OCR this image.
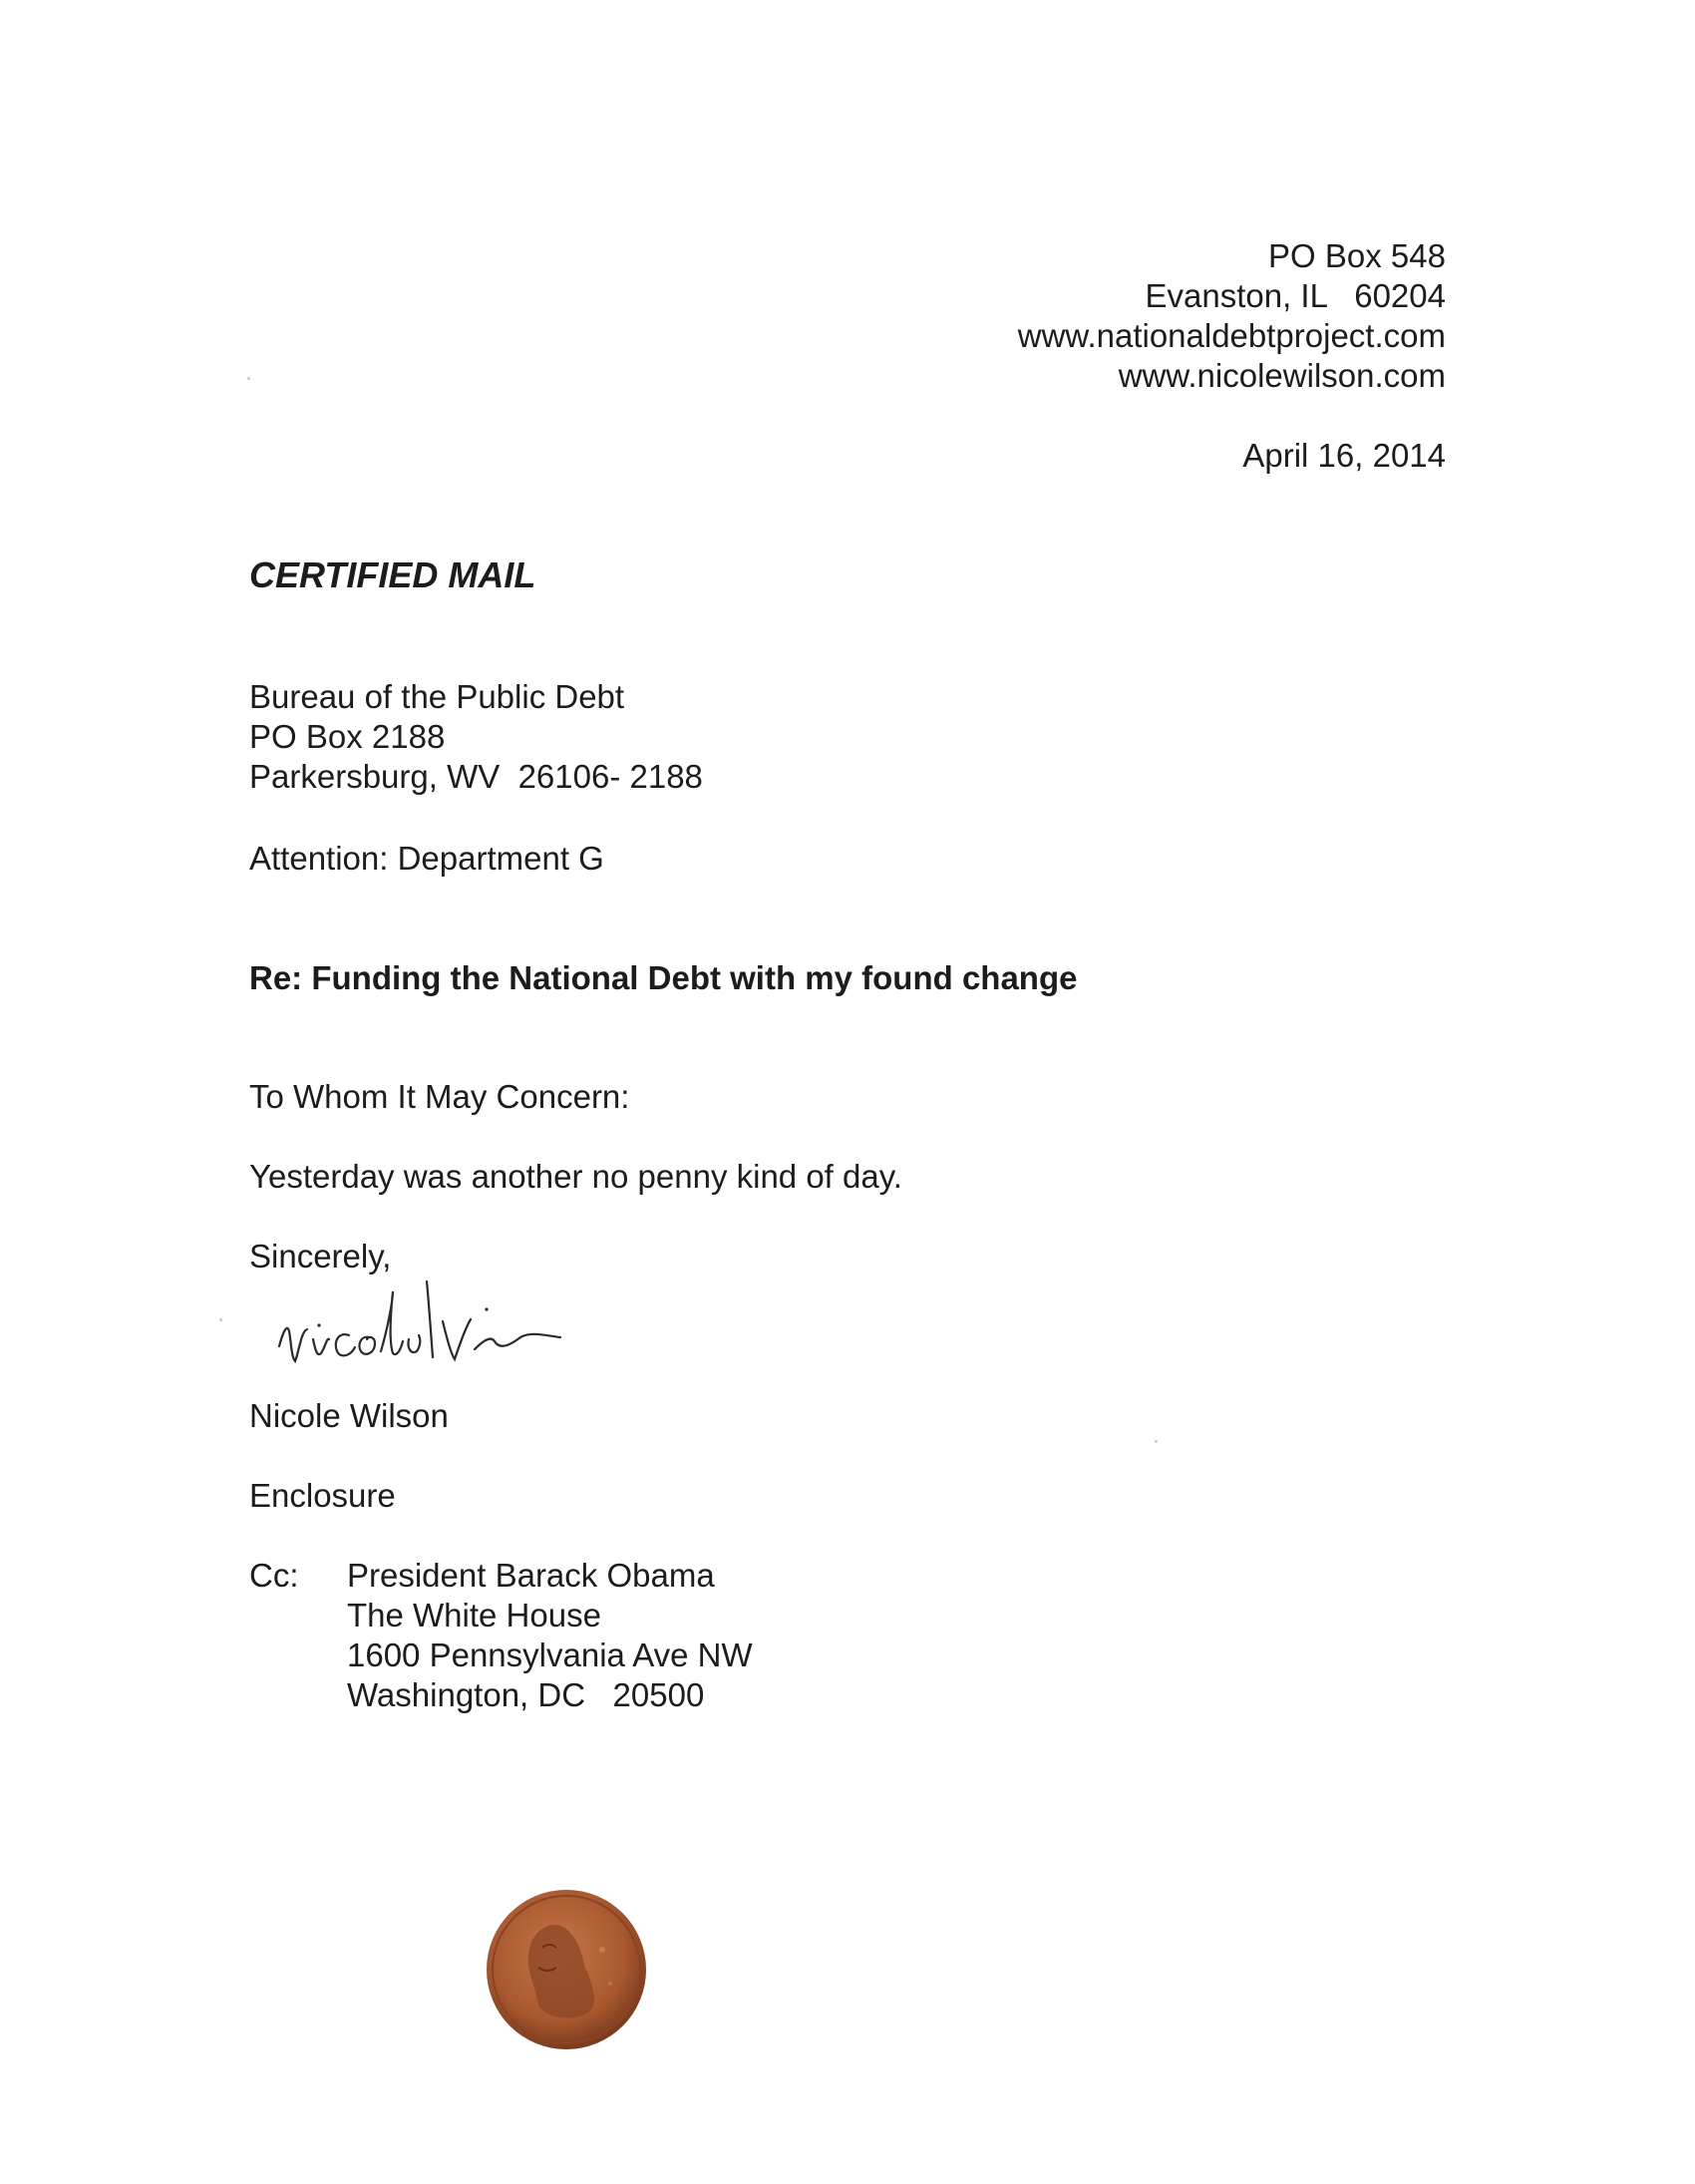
PO Box 548
Evanston, IL   60204
www.nationaldebtproject.com
www.nicolewilson.com
April 16, 2014
CERTIFIED MAIL
Bureau of the Public Debt
PO Box 2188
Parkersburg, WV  26106- 2188
Attention: Department G
Re: Funding the National Debt with my found change
To Whom It May Concern:
Yesterday was another no penny kind of day.
Sincerely,
Nicole Wilson
Enclosure
Cc: President Barack Obama
The White House
1600 Pennsylvania Ave NW
Washington, DC   20500
